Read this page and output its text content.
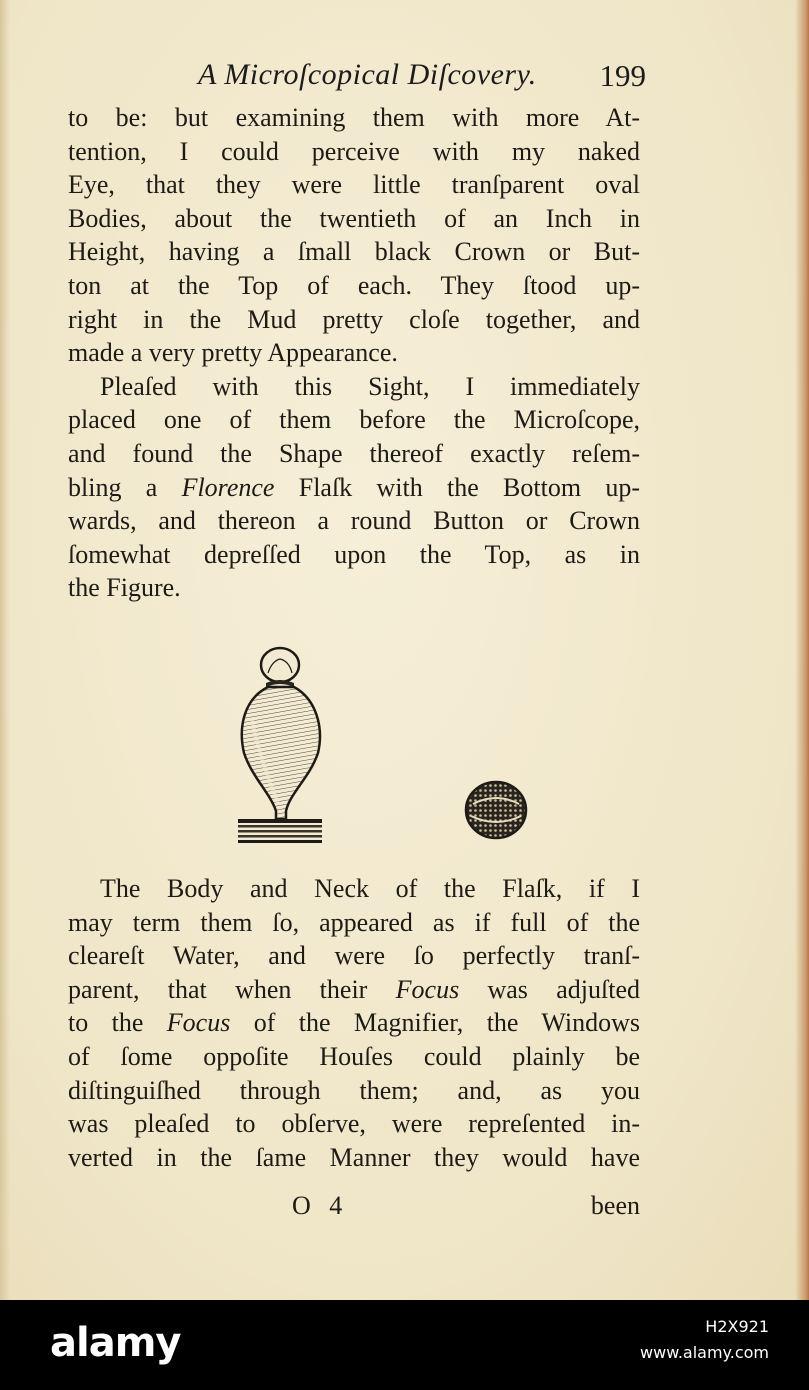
A Microſcopical Diſcovery. 199
to be: but examining them with more At-
tention, I could perceive with my naked
Eye, that they were little tranſparent oval
Bodies, about the twentieth of an Inch in
Height, having a ſmall black Crown or But-
ton at the Top of each. They ſtood up-
right in the Mud pretty cloſe together, and
made a very pretty Appearance.
Pleaſed with this Sight, I immediately
placed one of them before the Microſcope,
and found the Shape thereof exactly reſem-
bling a Florence Flaſk with the Bottom up-
wards, and thereon a round Button or Crown
ſomewhat depreſſed upon the Top, as in
the Figure.
The Body and Neck of the Flaſk, if I
may term them ſo, appeared as if full of the
cleareſt Water, and were ſo perfectly tranſ-
parent, that when their Focus was adjuſted
to the Focus of the Magnifier, the Windows
of ſome oppoſite Houſes could plainly be
diſtinguiſhed through them; and, as you
was pleaſed to obſerve, were repreſented in-
verted in the ſame Manner they would have
O 4	been
alamy	H2X921
www.alamy.com
